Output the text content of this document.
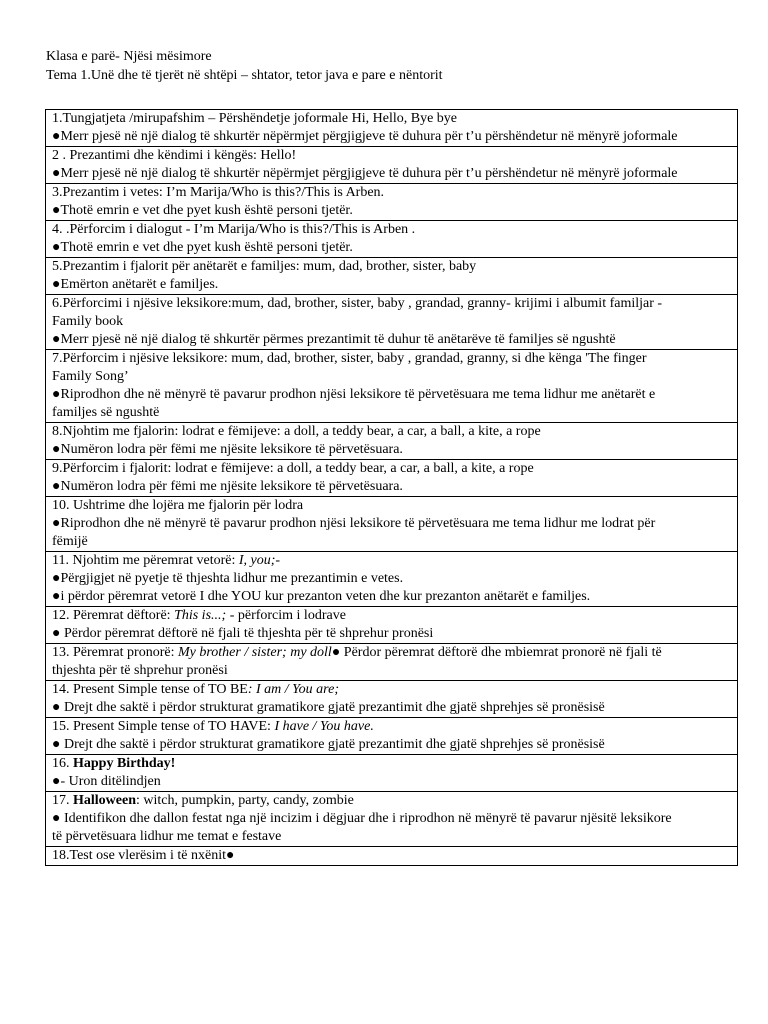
Klasa e parë- Njësi mësimore
Tema 1.Unë dhe të tjerët në shtëpi – shtator, tetor java e pare e nëntorit
1.Tungjatjeta /mirupafshim – Përshëndetje joformale Hi, Hello, Bye bye
●Merr pjesë në një dialog të shkurtër nëpërmjet përgjigjeve të duhura për t’u përshëndetur në mënyrë joformale

2 . Prezantimi dhe këndimi i këngës: Hello!
●Merr pjesë në një dialog të shkurtër nëpërmjet përgjigjeve të duhura për t’u përshëndetur në mënyrë joformale

3.Prezantim i vetes: I’m Marija/Who is this?/This is Arben.
●Thotë emrin e vet dhe pyet kush është personi tjetër.

4. .Përforcim i dialogut - I’m Marija/Who is this?/This is Arben .
●Thotë emrin e vet dhe pyet kush është personi tjetër.

5.Prezantim i fjalorit për anëtarët e familjes: mum, dad, brother, sister, baby
●Emërton anëtarët e familjes.

6.Përforcimi i njësive leksikore:mum, dad, brother, sister, baby , grandad, granny- krijimi i albumit familjar -
Family book
●Merr pjesë në një dialog të shkurtër përmes prezantimit të duhur të anëtarëve të familjes së ngushtë

7.Përforcim i njësive leksikore: mum, dad, brother, sister, baby , grandad, granny, si dhe kënga 'The finger
Family Song’
●Riprodhon dhe në mënyrë të pavarur prodhon njësi leksikore të përvetësuara me tema lidhur me anëtarët e
familjes së ngushtë

8.Njohtim me fjalorin: lodrat e fëmijeve: a doll, a teddy bear, a car, a ball, a kite, a rope
●Numëron lodra për fëmi me njësite leksikore të përvetësuara.

9.Përforcim i fjalorit: lodrat e fëmijeve: a doll, a teddy bear, a car, a ball, a kite, a rope
●Numëron lodra për fëmi me njësite leksikore të përvetësuara.

10. Ushtrime dhe lojëra me fjalorin për lodra
●Riprodhon dhe në mënyrë të pavarur prodhon njësi leksikore të përvetësuara me tema lidhur me lodrat për
fëmijë

11. Njohtim me përemrat vetorë: I, you;-
●Përgjigjet në pyetje të thjeshta lidhur me prezantimin e vetes.
●i përdor përemrat vetorë I dhe YOU kur prezanton veten dhe kur prezanton anëtarët e familjes.

12. Përemrat dëftorë: This is...; - përforcim i lodrave
● Përdor përemrat dëftorë në fjali të thjeshta për të shprehur pronësi

13. Përemrat pronorë: My brother / sister; my doll● Përdor përemrat dëftorë dhe mbiemrat pronorë në fjali të
thjeshta për të shprehur pronësi

14. Present Simple tense of TO BE: I am / You are;
● Drejt dhe saktë i përdor strukturat gramatikore gjatë prezantimit dhe gjatë shprehjes së pronësisë

15. Present Simple tense of TO HAVE: I have / You have.
● Drejt dhe saktë i përdor strukturat gramatikore gjatë prezantimit dhe gjatë shprehjes së pronësisë

16. Happy Birthday!
●- Uron ditëlindjen

17. Halloween: witch, pumpkin, party, candy, zombie
● Identifikon dhe dallon festat nga një incizim i dëgjuar dhe i riprodhon në mënyrë të pavarur njësitë leksikore
të përvetësuara lidhur me temat e festave

18.Test ose vlerësim i të nxënit●
